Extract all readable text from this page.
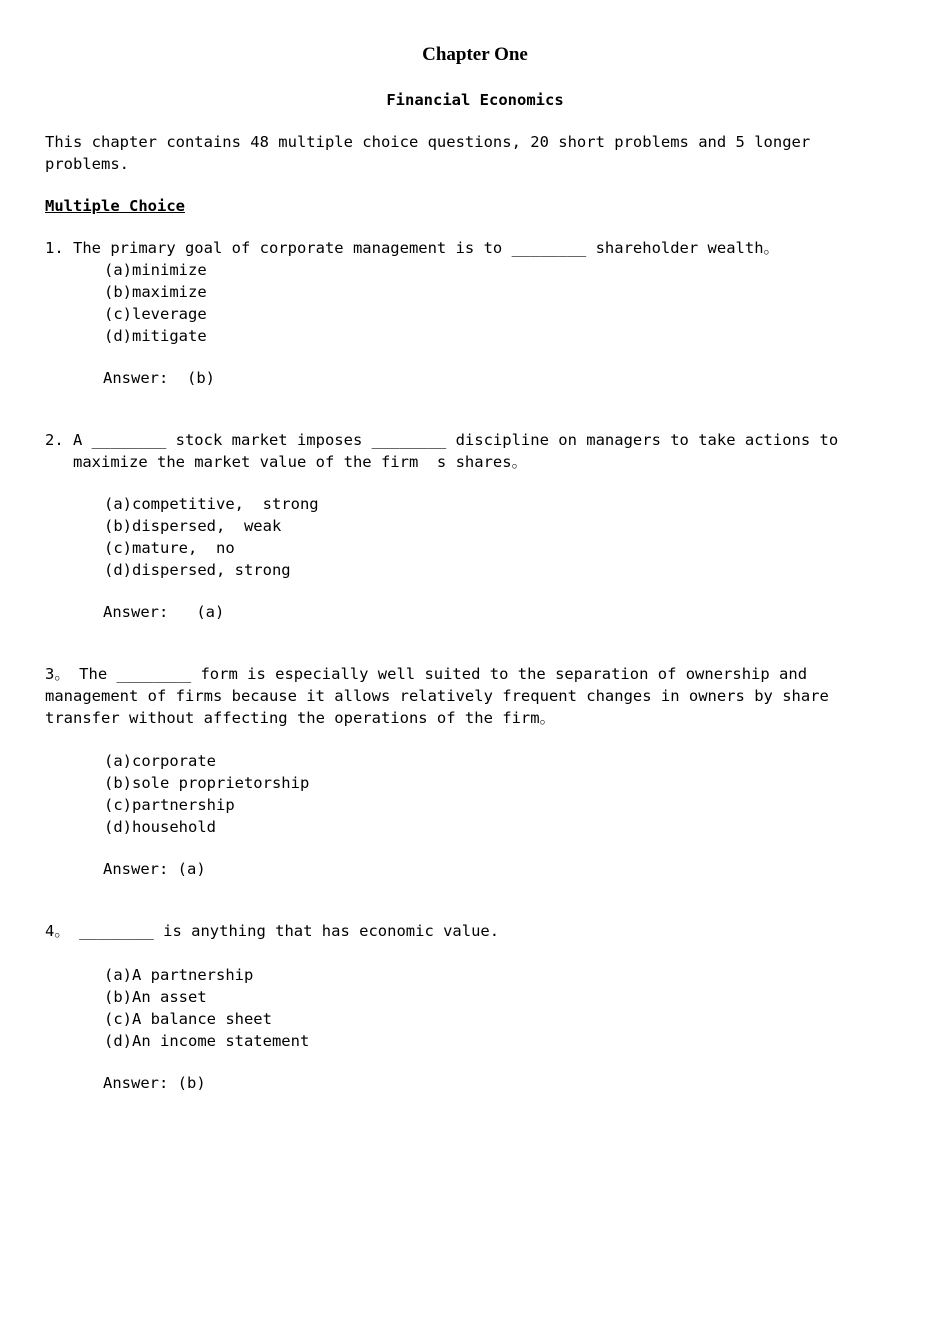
Chapter One
Financial Economics
This chapter contains 48 multiple choice questions, 20 short problems and 5 longer
problems.
Multiple Choice
1. The primary goal of corporate management is to ________ shareholder wealth。
(a)minimize
(b)maximize
(c)leverage
(d)mitigate
Answer:  (b)
2. A ________ stock market imposes ________ discipline on managers to take actions to
maximize the market value of the firm  s shares。
(a)competitive,  strong
(b)dispersed,  weak
(c)mature,  no
(d)dispersed, strong
Answer:   (a)
3。 The ________ form is especially well suited to the separation of ownership and
management of firms because it allows relatively frequent changes in owners by share
transfer without affecting the operations of the firm。
(a)corporate
(b)sole proprietorship
(c)partnership
(d)household
Answer: (a)
4。 ________ is anything that has economic value.
(a)A partnership
(b)An asset
(c)A balance sheet
(d)An income statement
Answer: (b)
